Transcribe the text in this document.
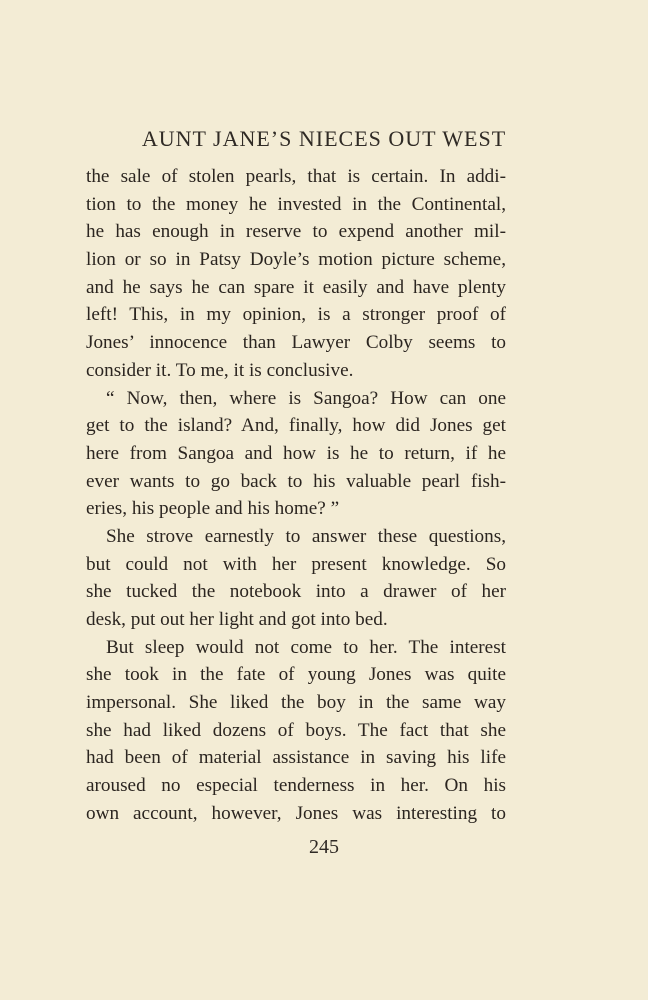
AUNT JANE’S NIECES OUT WEST
the sale of stolen pearls, that is certain. In addi-
tion to the money he invested in the Continental,
he has enough in reserve to expend another mil-
lion or so in Patsy Doyle’s motion picture scheme,
and he says he can spare it easily and have plenty
left! This, in my opinion, is a stronger proof of
Jones’ innocence than Lawyer Colby seems to
consider it. To me, it is conclusive.
“ Now, then, where is Sangoa? How can one
get to the island? And, finally, how did Jones get
here from Sangoa and how is he to return, if he
ever wants to go back to his valuable pearl fish-
eries, his people and his home? ”
She strove earnestly to answer these questions,
but could not with her present knowledge. So
she tucked the notebook into a drawer of her
desk, put out her light and got into bed.
But sleep would not come to her. The interest
she took in the fate of young Jones was quite
impersonal. She liked the boy in the same way
she had liked dozens of boys. The fact that she
had been of material assistance in saving his life
aroused no especial tenderness in her. On his
own account, however, Jones was interesting to
245
